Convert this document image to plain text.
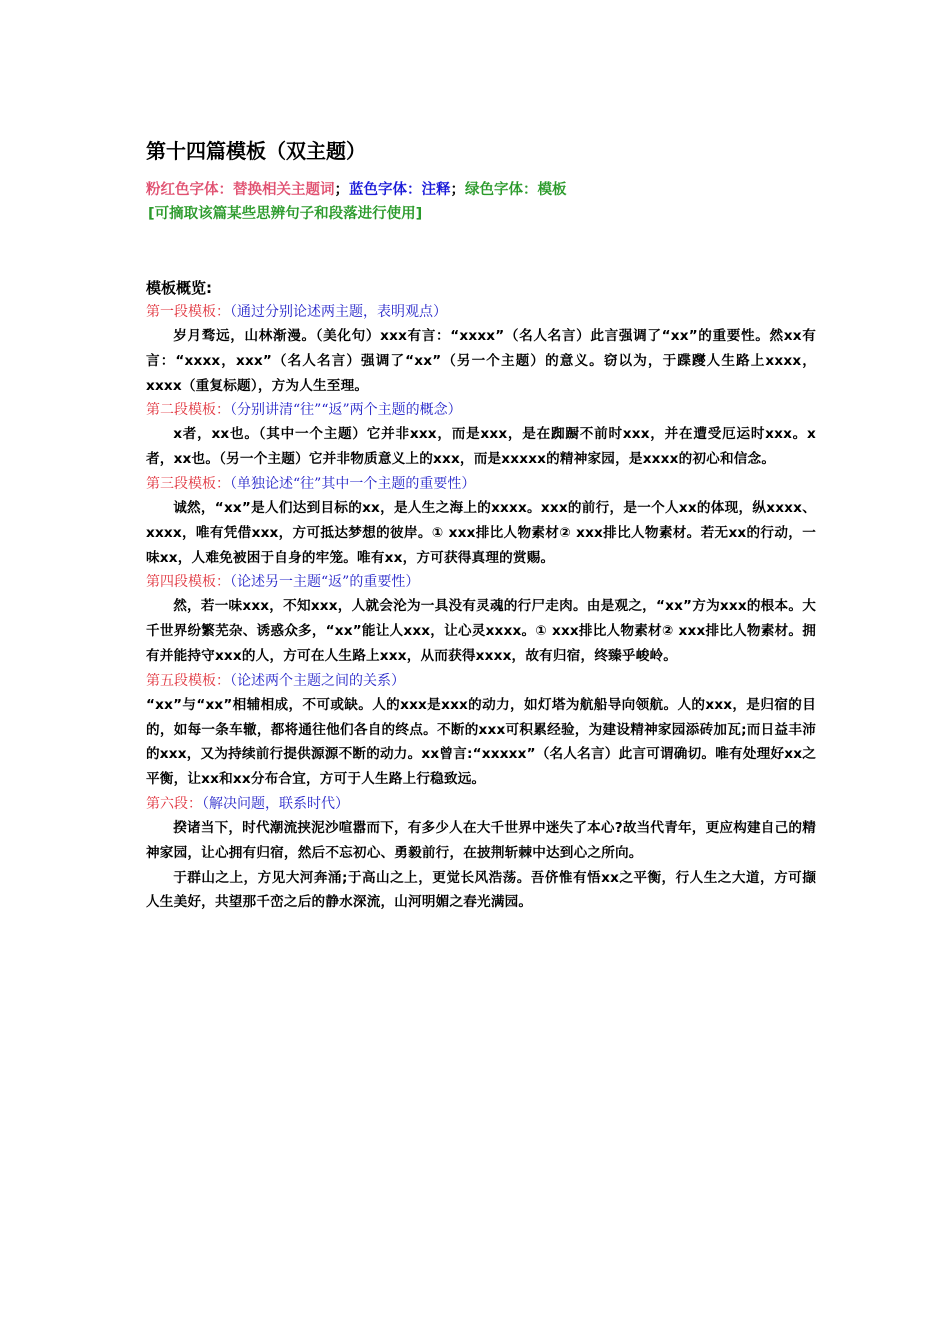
第十四篇模板（双主题）
粉红色字体：替换相关主题词；蓝色字体：注释；绿色字体：模板
[可摘取该篇某些思辨句子和段落进行使用]
模板概览:
第一段模板：（通过分别论述两主题，表明观点）

岁月骛远，山林渐漫。（美化句）xxx有言：“xxxx”（名人名言）此言强调了“xx”的重要性。然xx有言：“xxxx，xxx”（名人名言）强调了“xx”（另一个主题）的意义。窃以为，于蹀躞人生路上xxxx，xxxx（重复标题），方为人生至理。

第二段模板：（分别讲清“往”“返”两个主题的概念）

x者，xx也。（其中一个主题）它并非xxx，而是xxx，是在踟蹰不前时xxx，并在遭受厄运时xxx。x者，xx也。（另一个主题）它并非物质意义上的xxx，而是xxxxx的精神家园，是xxxx的初心和信念。

第三段模板：（单独论述“往”其中一个主题的重要性）

诚然，“xx”是人们达到目标的xx，是人生之海上的xxxx。xxx的前行，是一个人xx的体现，纵xxxx、xxxx，唯有凭借xxx，方可抵达梦想的彼岸。① xxx排比人物素材② xxx排比人物素材。若无xx的行动，一味xx，人难免被困于自身的牢笼。唯有xx，方可获得真理的赏赐。

第四段模板：（论述另一主题“返”的重要性）

然，若一味xxx，不知xxx，人就会沦为一具没有灵魂的行尸走肉。由是观之，“xx”方为xxx的根本。大千世界纷繁芜杂、诱惑众多，“xx”能让人xxx，让心灵xxxx。① xxx排比人物素材② xxx排比人物素材。拥有并能持守xxx的人，方可在人生路上xxx，从而获得xxxx，故有归宿，终臻乎峻岭。

第五段模板：（论述两个主题之间的关系）

“xx”与“xx”相辅相成，不可或缺。人的xxx是xxx的动力，如灯塔为航船导向领航。人的xxx，是归宿的目的，如每一条车辙，都将通往他们各自的终点。不断的xxx可积累经验，为建设精神家园添砖加瓦;而日益丰沛的xxx，又为持续前行提供源源不断的动力。xx曾言:“xxxxx”（名人名言）此言可谓确切。唯有处理好xx之平衡，让xx和xx分布合宜，方可于人生路上行稳致远。

第六段：（解决问题，联系时代）

揆诸当下，时代潮流挟泥沙喧嚣而下，有多少人在大千世界中迷失了本心?故当代青年，更应构建自己的精神家园，让心拥有归宿，然后不忘初心、勇毅前行，在披荆斩棘中达到心之所向。

于群山之上，方见大河奔涌;于高山之上，更觉长风浩荡。吾侪惟有悟xx之平衡，行人生之大道，方可撷人生美好，共望那千峦之后的静水深流，山河明媚之春光满园。
